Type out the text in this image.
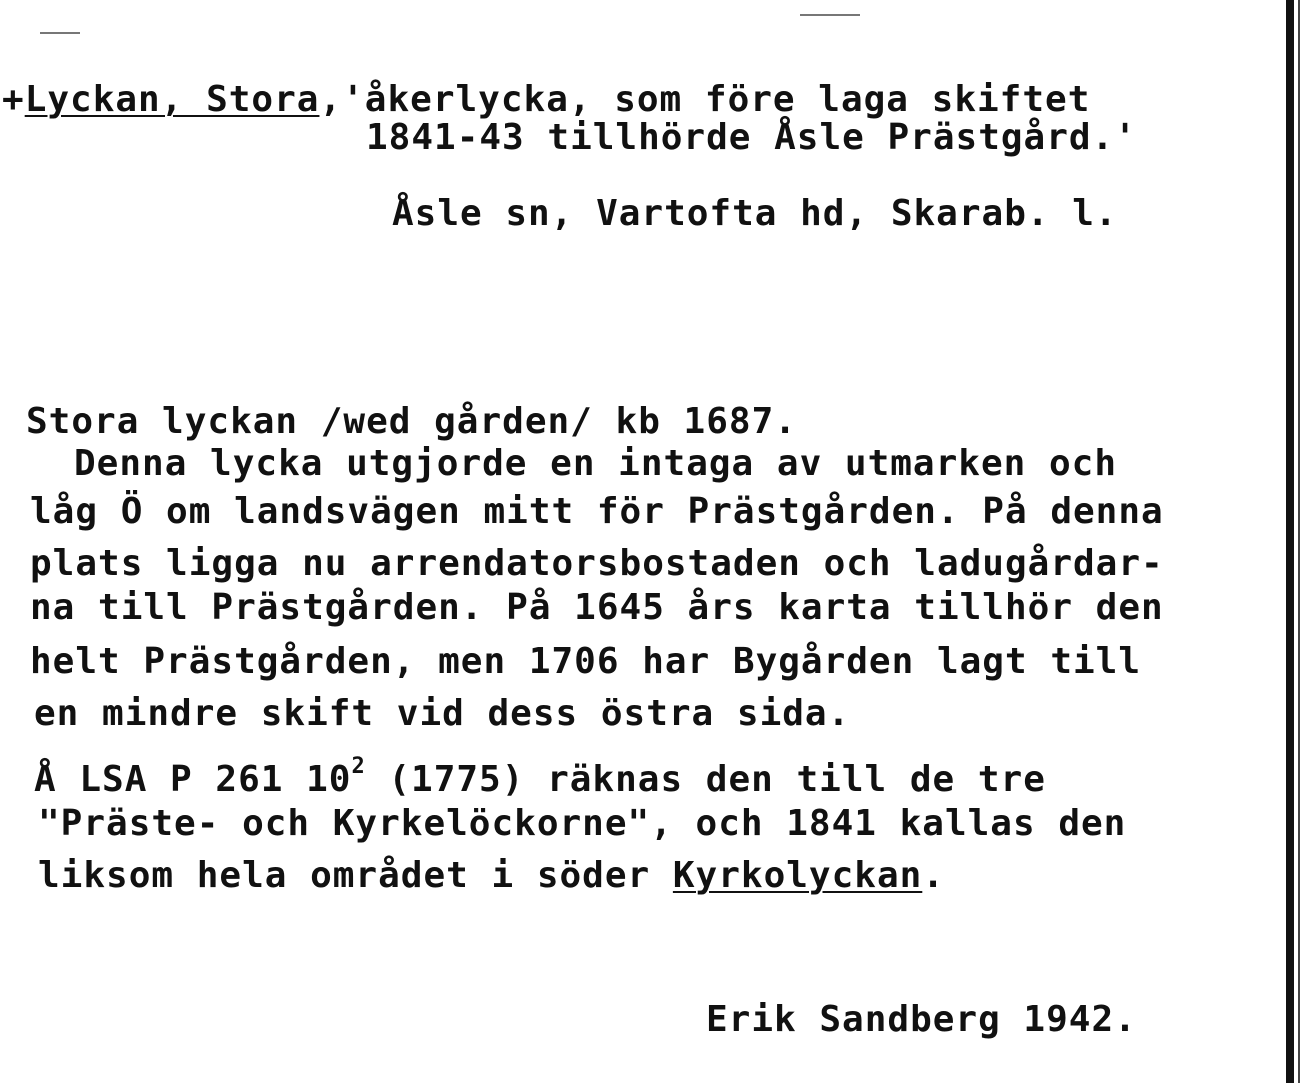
+Lyckan, Stora,'åkerlycka, som före laga skiftet
1841-43 tillhörde Åsle Prästgård.'
Åsle sn, Vartofta hd, Skarab. l.
Stora lyckan /wed gården/ kb 1687.
Denna lycka utgjorde en intaga av utmarken och
låg Ö om landsvägen mitt för Prästgården. På denna
plats ligga nu arrendatorsbostaden och ladugårdar-
na till Prästgården. På 1645 års karta tillhör den
helt Prästgården, men 1706 har Bygården lagt till
en mindre skift vid dess östra sida.
Å LSA P 261 $10^2$ (1775) räknas den till de tre
"Präste- och Kyrkelöckorne", och 1841 kallas den
liksom hela området i söder Kyrkolyckan.
Erik Sandberg 1942.
